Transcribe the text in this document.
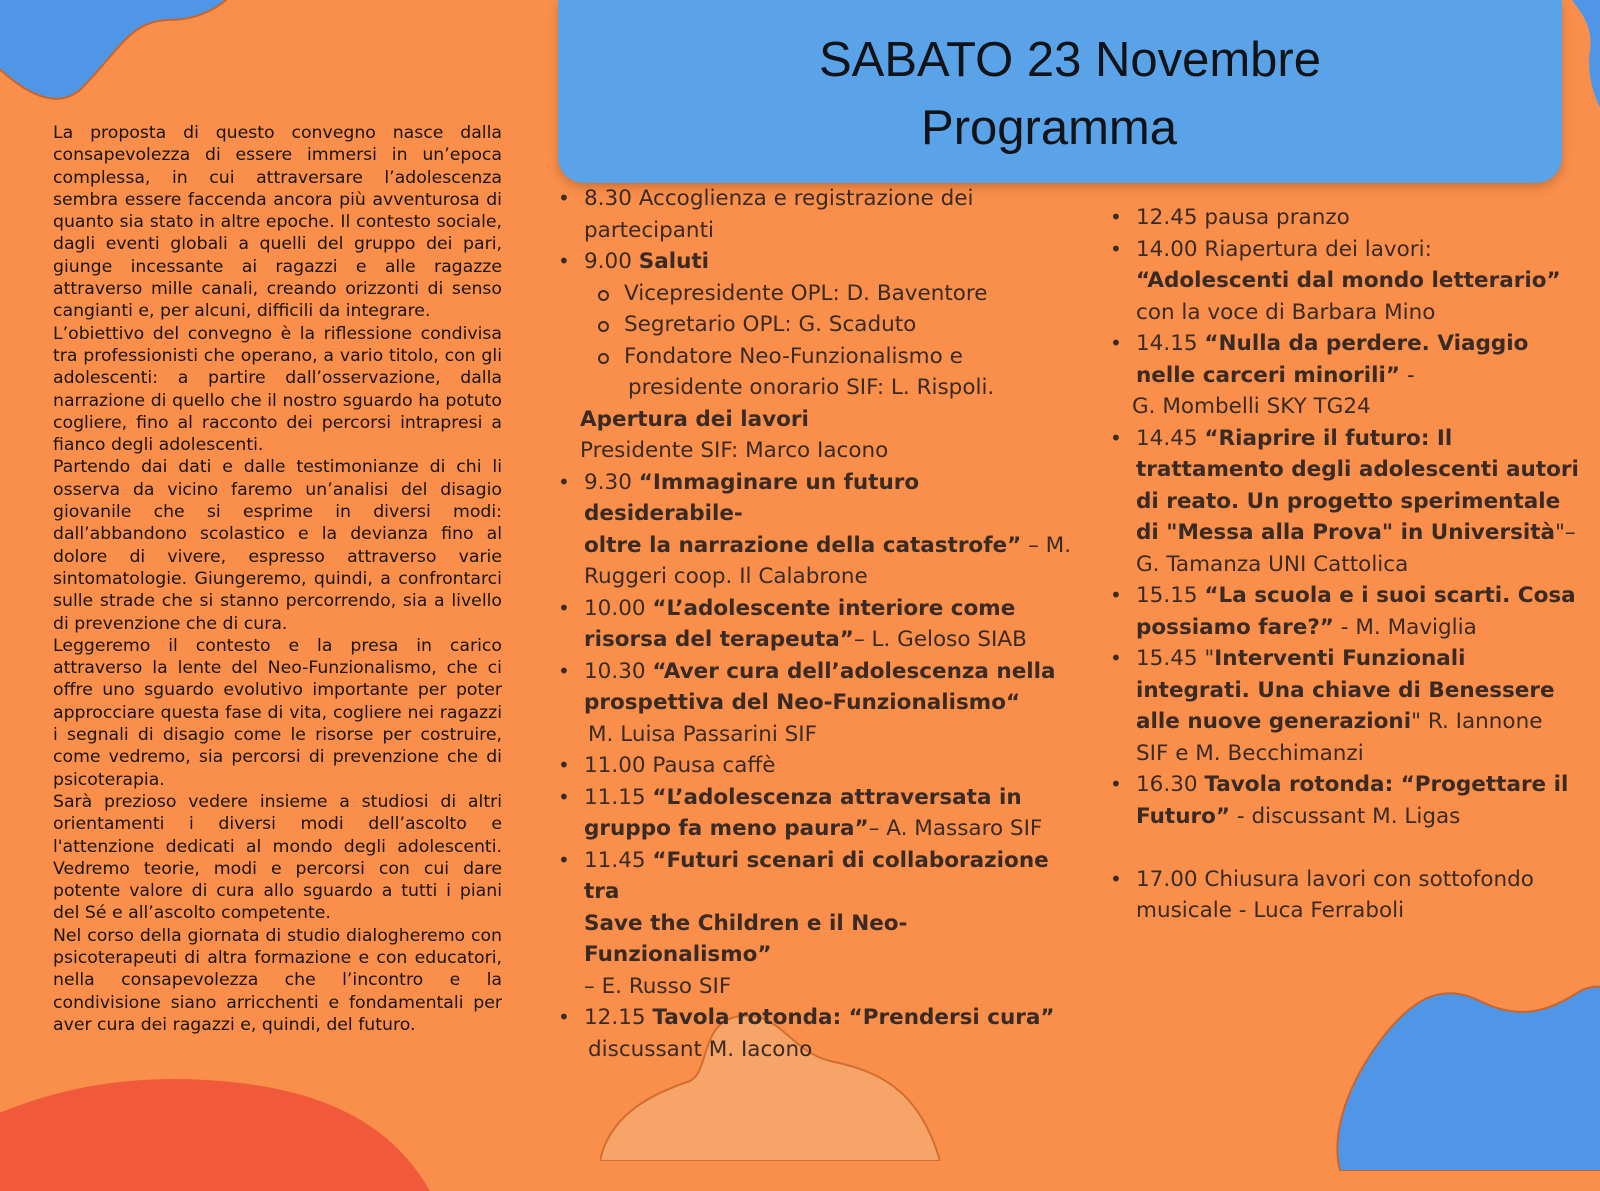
La proposta di questo convegno nasce dalla consapevolezza di essere immersi in un’epoca complessa, in cui attraversare l’adolescenza sembra essere faccenda ancora più avventurosa di quanto sia stato in altre epoche. Il contesto sociale, dagli eventi globali a quelli del gruppo dei pari, giunge incessante ai ragazzi e alle ragazze attraverso mille canali, creando orizzonti di senso cangianti e, per alcuni, difficili da integrare.

L’obiettivo del convegno è la riflessione condivisa tra professionisti che operano, a vario titolo, con gli adolescenti: a partire dall’osservazione, dalla narrazione di quello che il nostro sguardo ha potuto cogliere, fino al racconto dei percorsi intrapresi a fianco degli adolescenti.

Partendo dai dati e dalle testimonianze di chi li osserva da vicino faremo un’analisi del disagio giovanile che si esprime in diversi modi: dall’abbandono scolastico e la devianza fino al dolore di vivere, espresso attraverso varie sintomatologie. Giungeremo, quindi, a confrontarci sulle strade che si stanno percorrendo, sia a livello di prevenzione che di cura.

Leggeremo il contesto e la presa in carico attraverso la lente del Neo-Funzionalismo, che ci offre uno sguardo evolutivo importante per poter approcciare questa fase di vita, cogliere nei ragazzi i segnali di disagio come le risorse per costruire, come vedremo, sia percorsi di prevenzione che di psicoterapia.

Sarà prezioso vedere insieme a studiosi di altri orientamenti i diversi modi dell’ascolto e l'attenzione dedicati al mondo degli adolescenti. Vedremo teorie, modi e percorsi con cui dare potente valore di cura allo sguardo a tutti i piani del Sé e all’ascolto competente.

Nel corso della giornata di studio dialogheremo con psicoterapeuti di altra formazione e con educatori, nella consapevolezza che l’incontro e la condivisione siano arricchenti e fondamentali per aver cura dei ragazzi e, quindi, del futuro.

SABATO 23 Novembre
Programma
• 8.30 Accoglienza e registrazione dei
partecipanti
• 9.00 Saluti
Vicepresidente OPL: D. Baventore
Segretario OPL: G. Scaduto
Fondatore Neo-Funzionalismo e
presidente onorario SIF: L. Rispoli.
Apertura dei lavori
Presidente SIF: Marco Iacono
• 9.30 “Immaginare un futuro desiderabile-
oltre la narrazione della catastrofe” – M.
Ruggeri coop. Il Calabrone
• 10.00 “L’adolescente interiore come
risorsa del terapeuta”– L. Geloso SIAB
• 10.30 “Aver cura dell’adolescenza nella
prospettiva del Neo-Funzionalismo“
M. Luisa Passarini SIF
• 11.00 Pausa caffè
• 11.15 “L’adolescenza attraversata in
gruppo fa meno paura”– A. Massaro SIF
• 11.45 “Futuri scenari di collaborazione tra
Save the Children e il Neo-Funzionalismo”
– E. Russo SIF
• 12.15 Tavola rotonda: “Prendersi cura”
discussant M. Iacono
• 12.45 pausa pranzo
• 14.00 Riapertura dei lavori:
“Adolescenti dal mondo letterario”
con la voce di Barbara Mino
• 14.15 “Nulla da perdere. Viaggio
nelle carceri minorili” -
G. Mombelli SKY TG24
• 14.45 “Riaprire il futuro: Il
trattamento degli adolescenti autori
di reato. Un progetto sperimentale
di "Messa alla Prova" in Università"–
G. Tamanza UNI Cattolica
• 15.15 “La scuola e i suoi scarti. Cosa
possiamo fare?” - M. Maviglia
• 15.45 "Interventi Funzionali
integrati. Una chiave di Benessere
alle nuove generazioni" R. Iannone
SIF e M. Becchimanzi
• 16.30 Tavola rotonda: “Progettare il
Futuro” - discussant M. Ligas
• 17.00 Chiusura lavori con sottofondo
musicale - Luca Ferraboli
